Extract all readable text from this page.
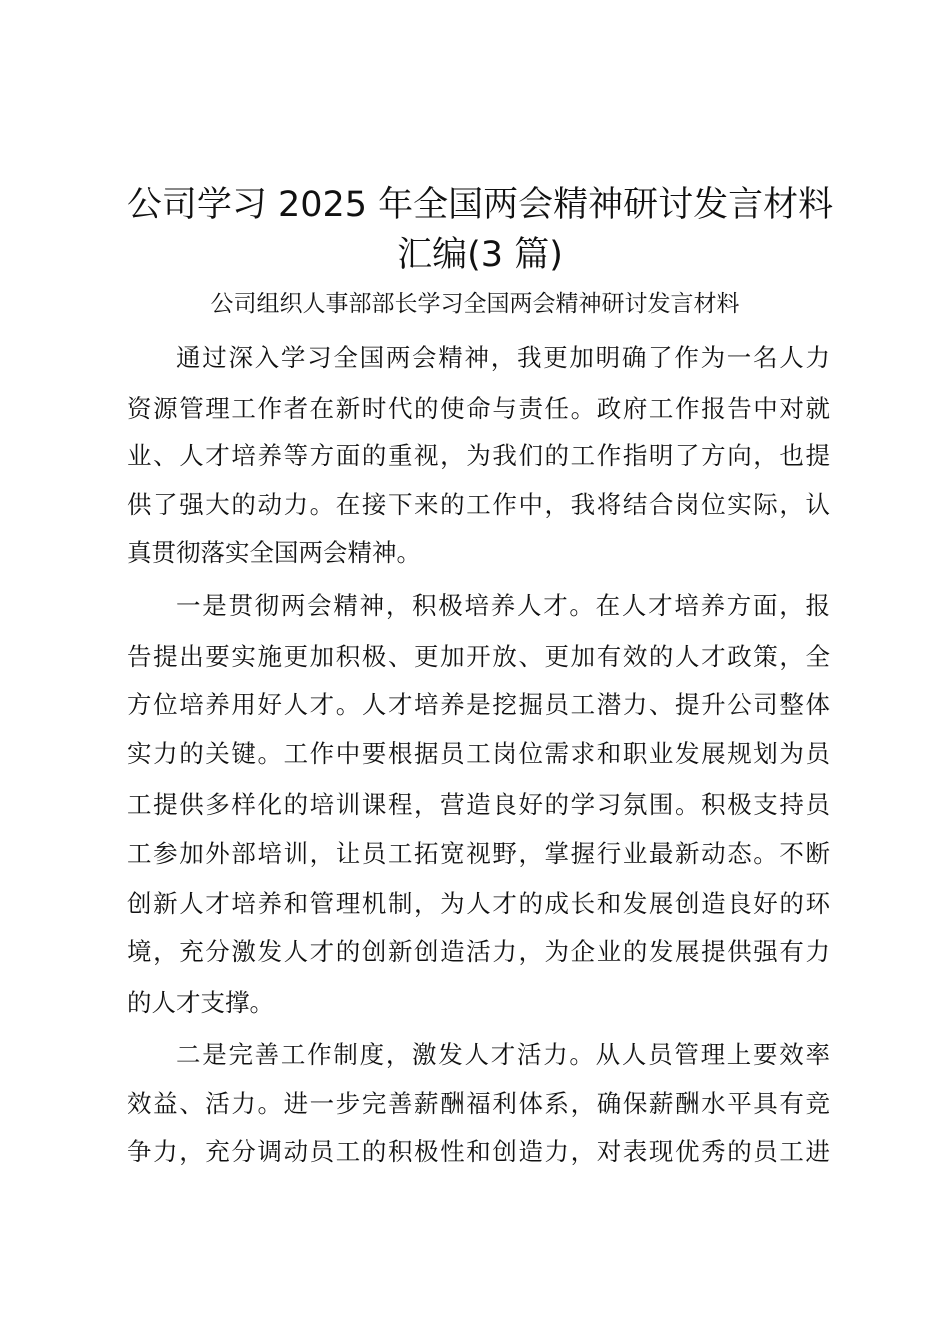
公司学习 2025 年全国两会精神研讨发言材料
汇编(3 篇)

公司组织人事部部长学习全国两会精神研讨发言材料

通过深入学习全国两会精神，我更加明确了作为一名人力

资源管理工作者在新时代的使命与责任。政府工作报告中对就

业、人才培养等方面的重视，为我们的工作指明了方向，也提

供了强大的动力。在接下来的工作中，我将结合岗位实际，认

真贯彻落实全国两会精神。

一是贯彻两会精神，积极培养人才。在人才培养方面，报

告提出要实施更加积极、更加开放、更加有效的人才政策，全

方位培养用好人才。人才培养是挖掘员工潜力、提升公司整体

实力的关键。工作中要根据员工岗位需求和职业发展规划为员

工提供多样化的培训课程，营造良好的学习氛围。积极支持员

工参加外部培训，让员工拓宽视野，掌握行业最新动态。不断

创新人才培养和管理机制，为人才的成长和发展创造良好的环

境，充分激发人才的创新创造活力，为企业的发展提供强有力

的人才支撑。

二是完善工作制度，激发人才活力。从人员管理上要效率

效益、活力。进一步完善薪酬福利体系，确保薪酬水平具有竞

争力，充分调动员工的积极性和创造力，对表现优秀的员工进
